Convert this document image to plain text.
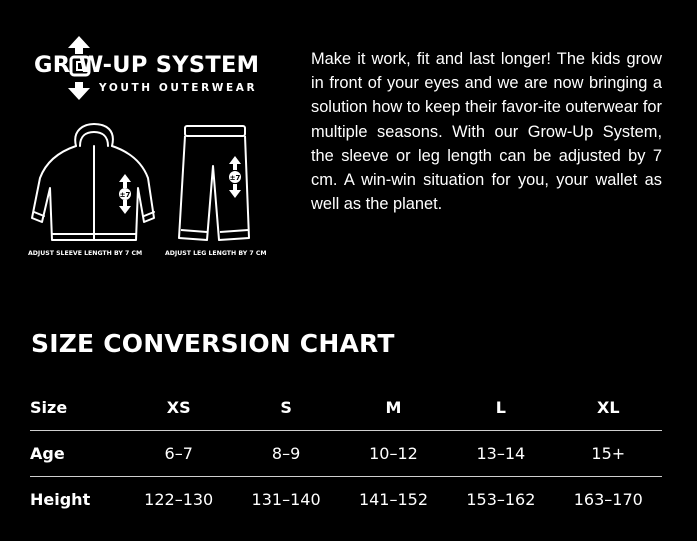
GR W-UP SYSTEM
YOUTH OUTERWEAR
±7
ADJUST SLEEVE LENGTH BY 7 CM
±7
ADJUST LEG LENGTH BY 7 CM

Make it work, fit and last longer! The kids grow in front of your eyes and we are now bringing a solution how to keep their favor-ite outerwear for multiple seasons. With our Grow-Up System, the sleeve or leg length can be adjusted by 7 cm. A win-win situation for you, your wallet as well as the planet.

SIZE CONVERSION CHART
Size	XS	S	M	L	XL
Age	6–7	8–9	10–12	13–14	15+
Height	122–130	131–140	141–152	153–162	163–170
